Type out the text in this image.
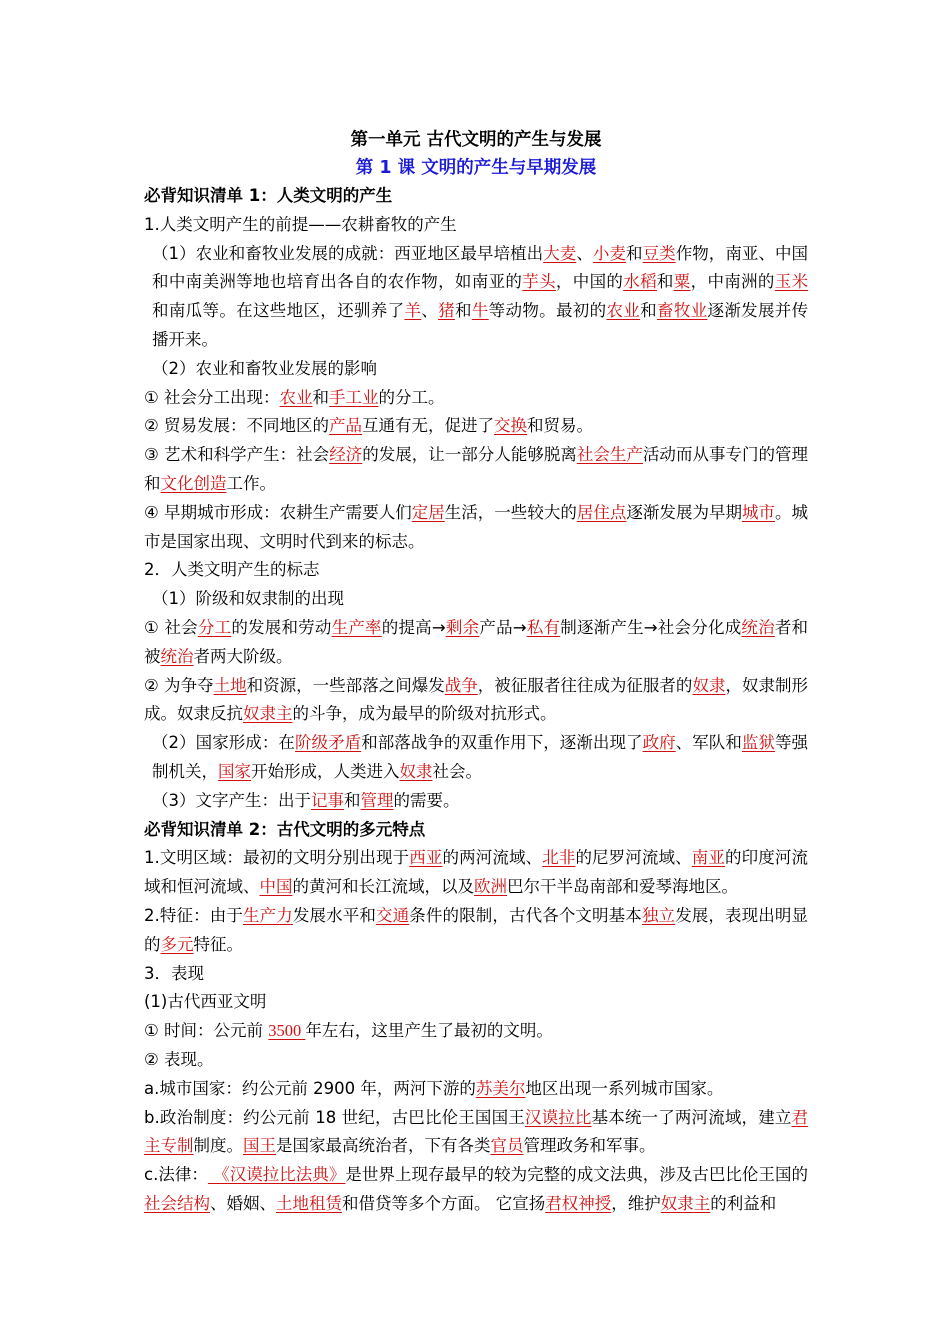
第一单元 古代文明的产生与发展
第 1 课 文明的产生与早期发展
必背知识清单 1：人类文明的产生
1.人类文明产生的前提——农耕畜牧的产生
（1）农业和畜牧业发展的成就：西亚地区最早培植出大麦、小麦和豆类作物，南亚、中国和中南美洲等地也培育出各自的农作物，如南亚的芋头，中国的水稻和粟，中南洲的玉米和南瓜等。在这些地区，还驯养了羊、猪和牛等动物。最初的农业和畜牧业逐渐发展并传播开来。
（2）农业和畜牧业发展的影响
① 社会分工出现：农业和手工业的分工。
② 贸易发展：不同地区的产品互通有无，促进了交换和贸易。
③ 艺术和科学产生：社会经济的发展，让一部分人能够脱离社会生产活动而从事专门的管理和文化创造工作。
④ 早期城市形成：农耕生产需要人们定居生活，一些较大的居住点逐渐发展为早期城市。城市是国家出现、文明时代到来的标志。
2．人类文明产生的标志
（1）阶级和奴隶制的出现
① 社会分工的发展和劳动生产率的提高→剩余产品→私有制逐渐产生→社会分化成统治者和被统治者两大阶级。
② 为争夺土地和资源，一些部落之间爆发战争，被征服者往往成为征服者的奴隶，奴隶制形成。奴隶反抗奴隶主的斗争，成为最早的阶级对抗形式。
（2）国家形成：在阶级矛盾和部落战争的双重作用下，逐渐出现了政府、军队和监狱等强制机关，国家开始形成，人类进入奴隶社会。
（3）文字产生：出于记事和管理的需要。
必背知识清单 2：古代文明的多元特点
1.文明区域：最初的文明分别出现于西亚的两河流域、北非的尼罗河流域、南亚的印度河流域和恒河流域、中国的黄河和长江流域，以及欧洲巴尔干半岛南部和爱琴海地区。
2.特征：由于生产力发展水平和交通条件的限制，古代各个文明基本独立发展，表现出明显的多元特征。
3．表现
(1)古代西亚文明
① 时间：公元前 3500 年左右，这里产生了最初的文明。
② 表现。
a.城市国家：约公元前 2900 年，两河下游的苏美尔地区出现一系列城市国家。
b.政治制度：约公元前 18 世纪，古巴比伦王国国王汉谟拉比基本统一了两河流域，建立君主专制制度。国王是国家最高统治者，下有各类官员管理政务和军事。
c.法律： 《汉谟拉比法典》是世界上现存最早的较为完整的成文法典，涉及古巴比伦王国的社会结构、婚姻、土地租赁和借贷等多个方面。 它宣扬君权神授，维护奴隶主的利益和
